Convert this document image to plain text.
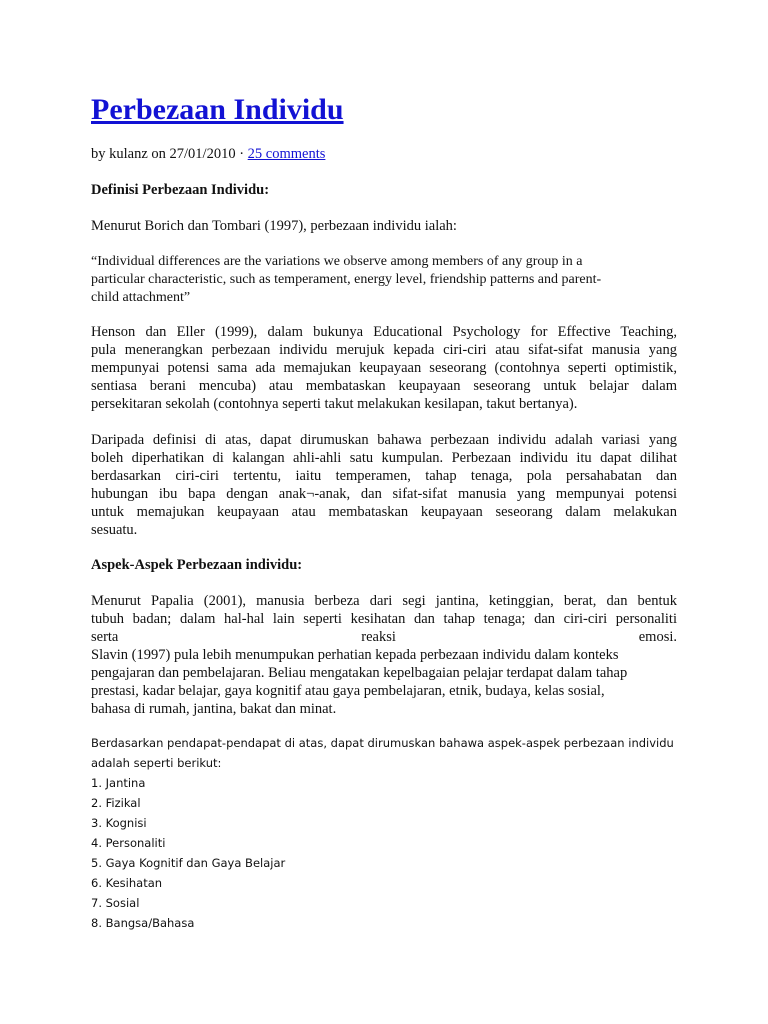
Perbezaan Individu
by kulanz on 27/01/2010 · 25 comments

Definisi Perbezaan Individu:

Menurut Borich dan Tombari (1997), perbezaan individu ialah:

“Individual differences are the variations we observe among members of any group in a
particular characteristic, such as temperament, energy level, friendship patterns and parent-
child attachment”

Henson dan Eller (1999), dalam bukunya Educational Psychology for Effective Teaching,
pula menerangkan perbezaan individu merujuk kepada ciri-ciri atau sifat-sifat manusia yang
mempunyai potensi sama ada memajukan keupayaan seseorang (contohnya seperti optimistik,
sentiasa berani mencuba) atau membataskan keupayaan seseorang untuk belajar dalam
persekitaran sekolah (contohnya seperti takut melakukan kesilapan, takut bertanya).

Daripada definisi di atas, dapat dirumuskan bahawa perbezaan individu adalah variasi yang
boleh diperhatikan di kalangan ahli-ahli satu kumpulan. Perbezaan individu itu dapat dilihat
berdasarkan ciri-ciri tertentu, iaitu temperamen, tahap tenaga, pola persahabatan dan
hubungan ibu bapa dengan anak¬-anak, dan sifat-sifat manusia yang mempunyai potensi
untuk memajukan keupayaan atau membataskan keupayaan seseorang dalam melakukan
sesuatu.

Aspek-Aspek Perbezaan individu:

Menurut Papalia (2001), manusia berbeza dari segi jantina, ketinggian, berat, dan bentuk
tubuh badan; dalam hal-hal lain seperti kesihatan dan tahap tenaga; dan ciri-ciri personaliti
serta reaksi emosi.

Slavin (1997) pula lebih menumpukan perhatian kepada perbezaan individu dalam konteks
pengajaran dan pembelajaran. Beliau mengatakan kepelbagaian pelajar terdapat dalam tahap
prestasi, kadar belajar, gaya kognitif atau gaya pembelajaran, etnik, budaya, kelas sosial,
bahasa di rumah, jantina, bakat dan minat.

Berdasarkan pendapat-pendapat di atas, dapat dirumuskan bahawa aspek-aspek perbezaan individu
adalah seperti berikut:

1. Jantina
2. Fizikal
3. Kognisi
4. Personaliti
5. Gaya Kognitif dan Gaya Belajar
6. Kesihatan
7. Sosial
8. Bangsa/Bahasa
